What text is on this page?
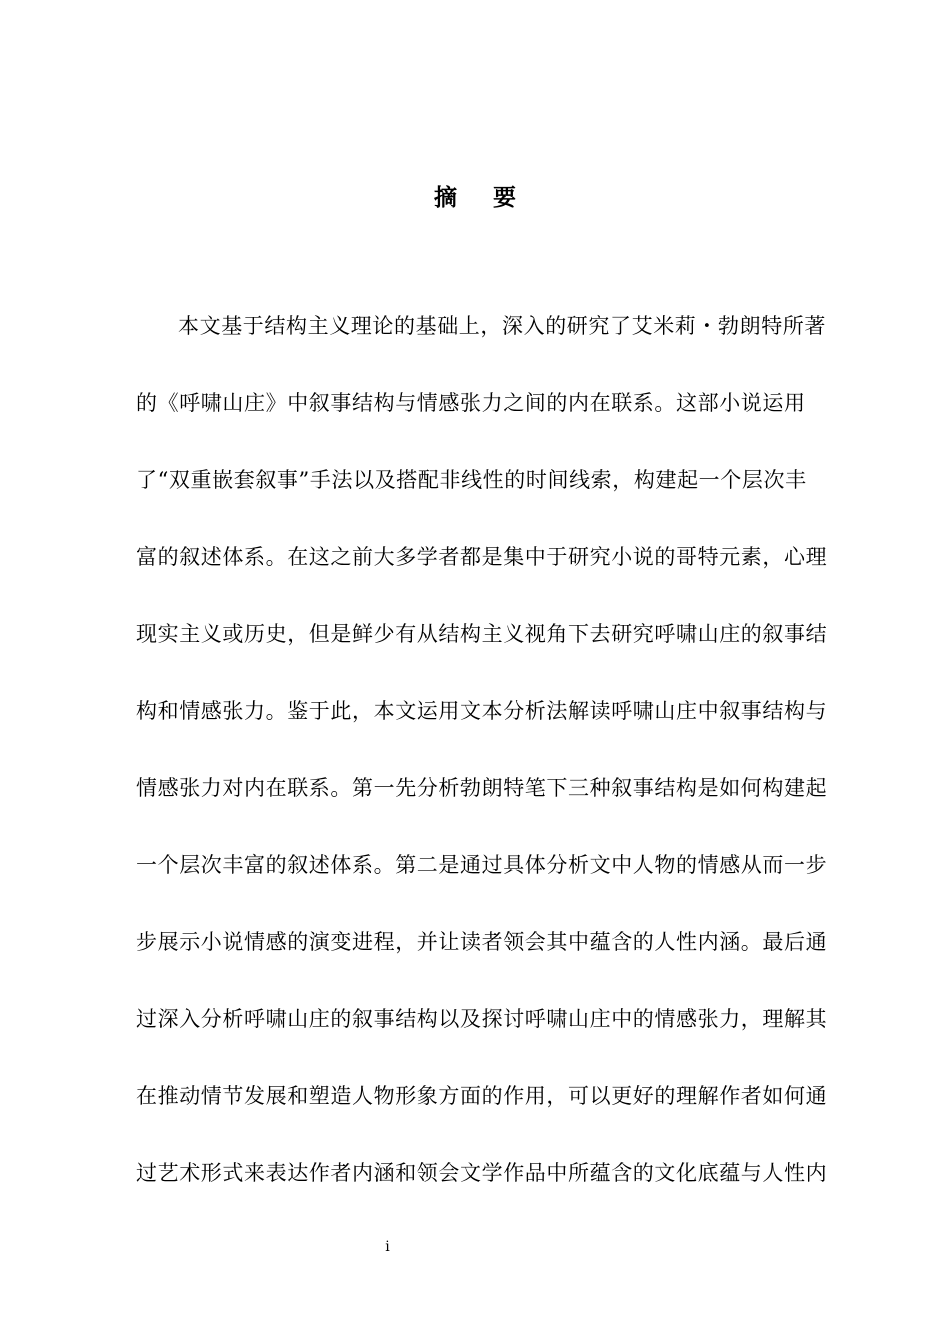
摘 要
本文基于结构主义理论的基础上，深入的研究了艾米莉・勃朗特所著
的《呼啸山庄》中叙事结构与情感张力之间的内在联系。这部小说运用
了“双重嵌套叙事”手法以及搭配非线性的时间线索，构建起一个层次丰
富的叙述体系。在这之前大多学者都是集中于研究小说的哥特元素，心理
现实主义或历史，但是鲜少有从结构主义视角下去研究呼啸山庄的叙事结
构和情感张力。鉴于此，本文运用文本分析法解读呼啸山庄中叙事结构与
情感张力对内在联系。第一先分析勃朗特笔下三种叙事结构是如何构建起
一个层次丰富的叙述体系。第二是通过具体分析文中人物的情感从而一步
步展示小说情感的演变进程，并让读者领会其中蕴含的人性内涵。最后通
过深入分析呼啸山庄的叙事结构以及探讨呼啸山庄中的情感张力，理解其
在推动情节发展和塑造人物形象方面的作用，可以更好的理解作者如何通
过艺术形式来表达作者内涵和领会文学作品中所蕴含的文化底蕴与人性内
i
